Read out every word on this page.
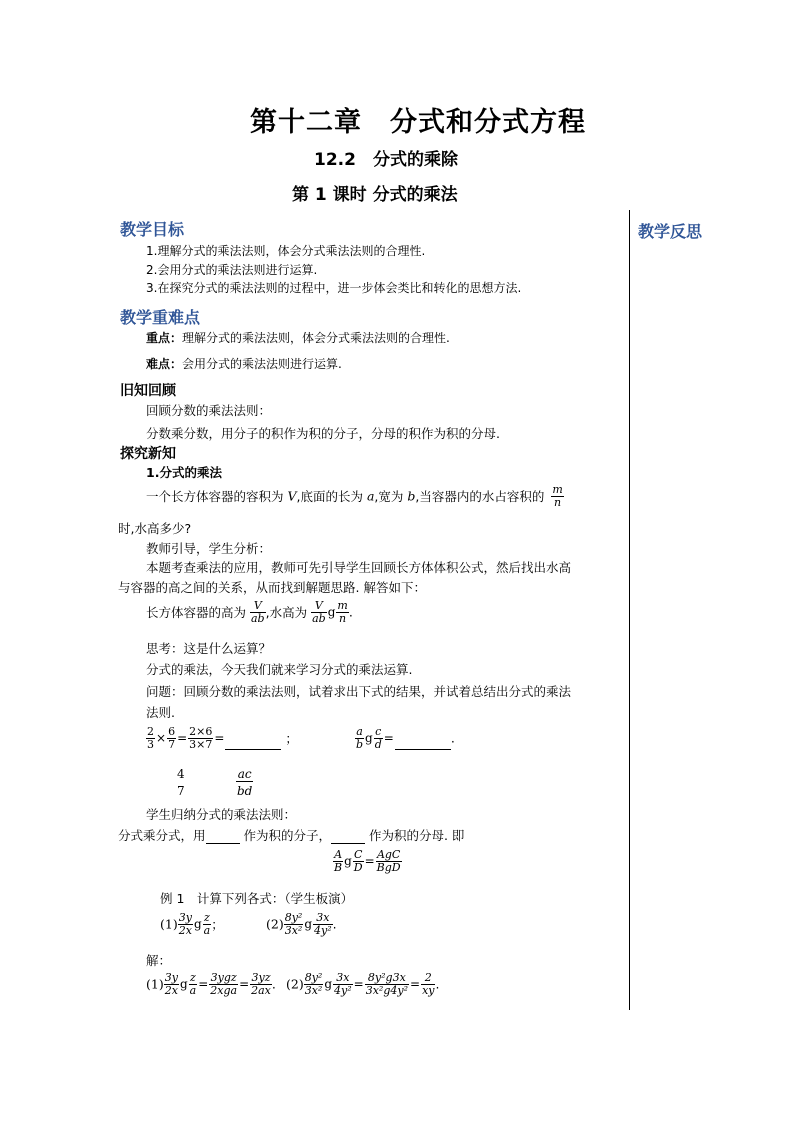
第十二章　分式和分式方程
12.2　分式的乘除
第 1 课时 分式的乘法
教学反思
教学目标
1.理解分式的乘法法则，体会分式乘法法则的合理性.
2.会用分式的乘法法则进行运算.
3.在探究分式的乘法法则的过程中，进一步体会类比和转化的思想方法.
教学重难点
重点：理解分式的乘法法则，体会分式乘法法则的合理性.
难点：会用分式的乘法法则进行运算.
旧知回顾
回顾分数的乘法法则：
分数乘分数，用分子的积作为积的分子，分母的积作为积的分母.
探究新知
1.分式的乘法
一个长方体容器的容积为 V,底面的长为 a,宽为 b,当容器内的水占容积的 $\frac{m}{n}$
时,水高多少?
教师引导，学生分析：
本题考查乘法的应用，教师可先引导学生回顾长方体体积公式，然后找出水高
与容器的高之间的关系，从而找到解题思路. 解答如下：
长方体容器的高为 $\frac{V}{ab}$ ,水高为 $\frac{V}{ab}$ g $\frac{m}{n}$ .
思考：这是什么运算？
分式的乘法，今天我们就来学习分式的乘法运算.
问题：回顾分数的乘法法则，试着求出下式的结果，并试着总结出分式的乘法
法则.
$\frac{2}{3} \times \frac{6}{7} = \frac{2\times 6}{3\times 7}$ =	；	$\frac{a}{b}$ g $\frac{c}{d}$ =	.
4
7	$\frac{ac}{bd}$
学生归纳分式的乘法法则：
分式乘分式，用	作为积的分子，	作为积的分母. 即
$\frac{A}{B}$ g $\frac{C}{D} = \frac{\text{AgC}}{\text{BgD}}$
例 1　计算下列各式：（学生板演）
$(1) \frac{3y}{2x}$ g $\frac{z}{a}$ ；	$(2) \frac{\text{8y²}}{\text{3x²}}$ g $\frac{3x}{\text{4y²}}$ .
解：
$(1) \frac{3y}{2x}$ g $\frac{z}{a} = \frac{\text{3ygz}}{\text{2xga}} = \frac{3yz}{2ax}$ . $(2) \frac{\text{8y²}}{\text{3x²}}$ g $\frac{3x}{\text{4y²}} = \frac{\text{8y²g3x}}{\text{3x²g4y²}} = \frac{2}{xy}$ .
